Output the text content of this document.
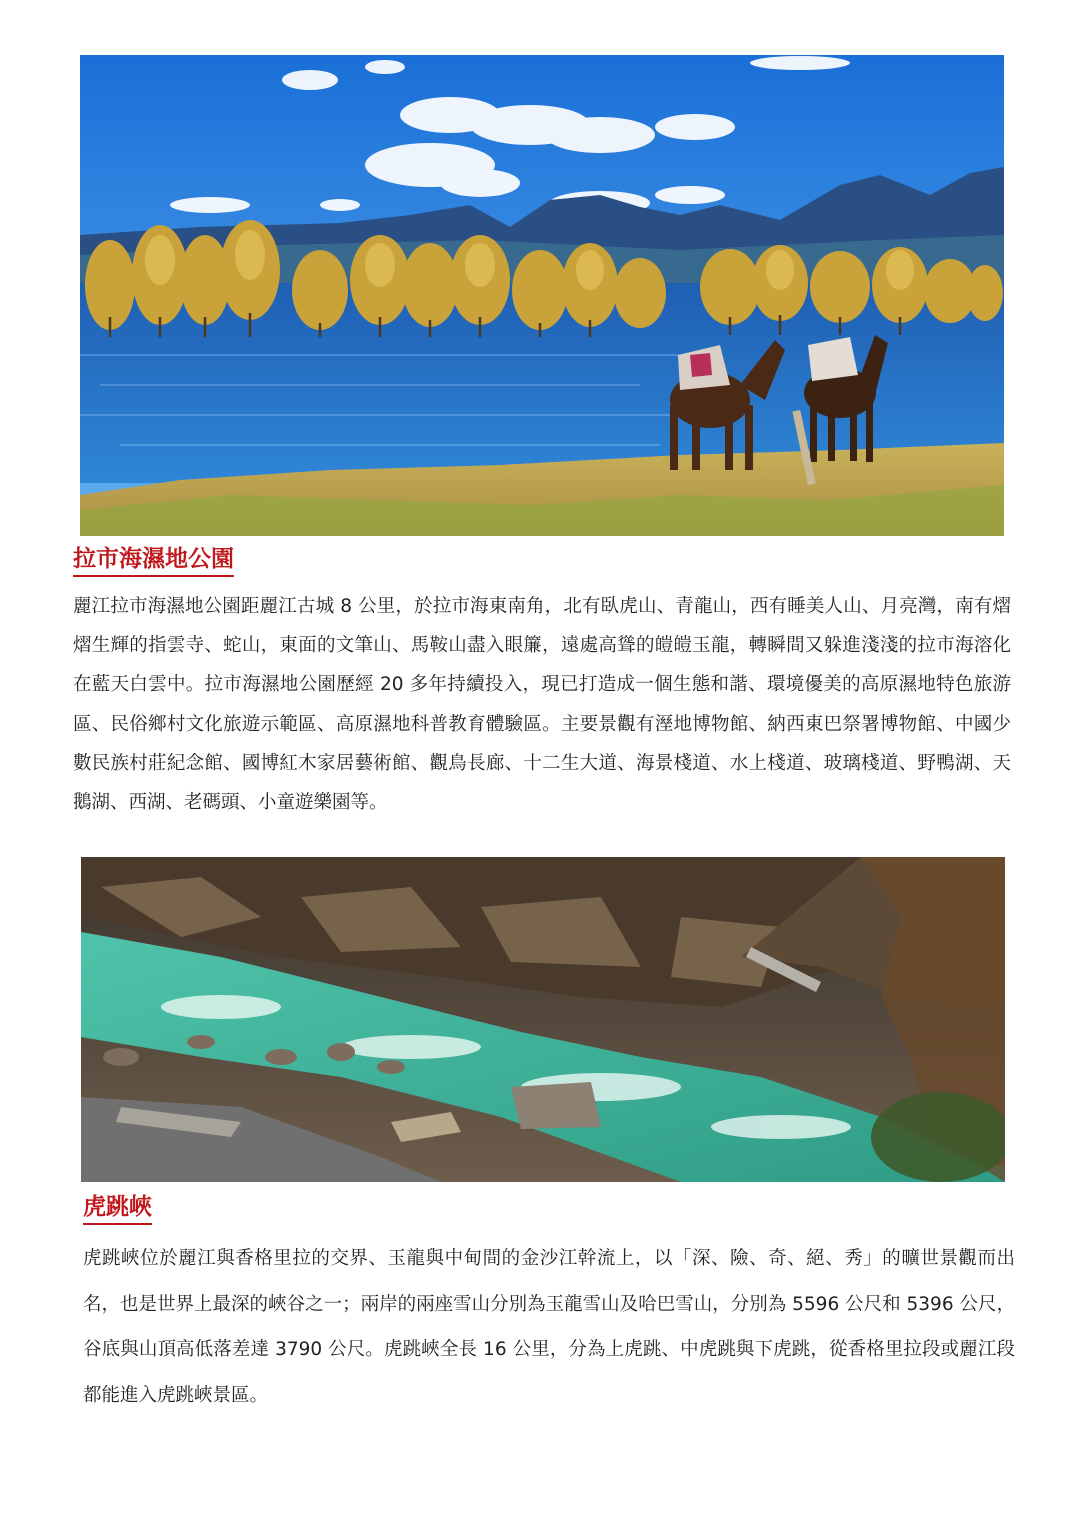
拉市海濕地公園
麗江拉市海濕地公園距麗江古城 8 公里，於拉市海東南角，北有臥虎山、青龍山，西有睡美人山、月亮灣，南有熠熠生輝的指雲寺、蛇山，東面的文筆山、馬鞍山盡入眼簾，遠處高聳的皚皚玉龍，轉瞬間又躲進淺淺的拉市海溶化在藍天白雲中。拉市海濕地公園歷經 20 多年持續投入，現已打造成一個生態和諧、環境優美的高原濕地特色旅游區、民俗鄉村文化旅遊示範區、高原濕地科普教育體驗區。主要景觀有溼地博物館、納西東巴祭署博物館、中國少數民族村莊紀念館、國博紅木家居藝術館、觀鳥長廊、十二生大道、海景棧道、水上棧道、玻璃棧道、野鴨湖、天鵝湖、西湖、老碼頭、小童遊樂園等。
虎跳峽
虎跳峽位於麗江與香格里拉的交界、玉龍與中甸間的金沙江幹流上，以「深、險、奇、絕、秀」的曠世景觀而出名，也是世界上最深的峽谷之一；兩岸的兩座雪山分別為玉龍雪山及哈巴雪山，分別為 5596 公尺和 5396 公尺，谷底與山頂高低落差達 3790 公尺。虎跳峽全長 16 公里，分為上虎跳、中虎跳與下虎跳，從香格里拉段或麗江段都能進入虎跳峽景區。
